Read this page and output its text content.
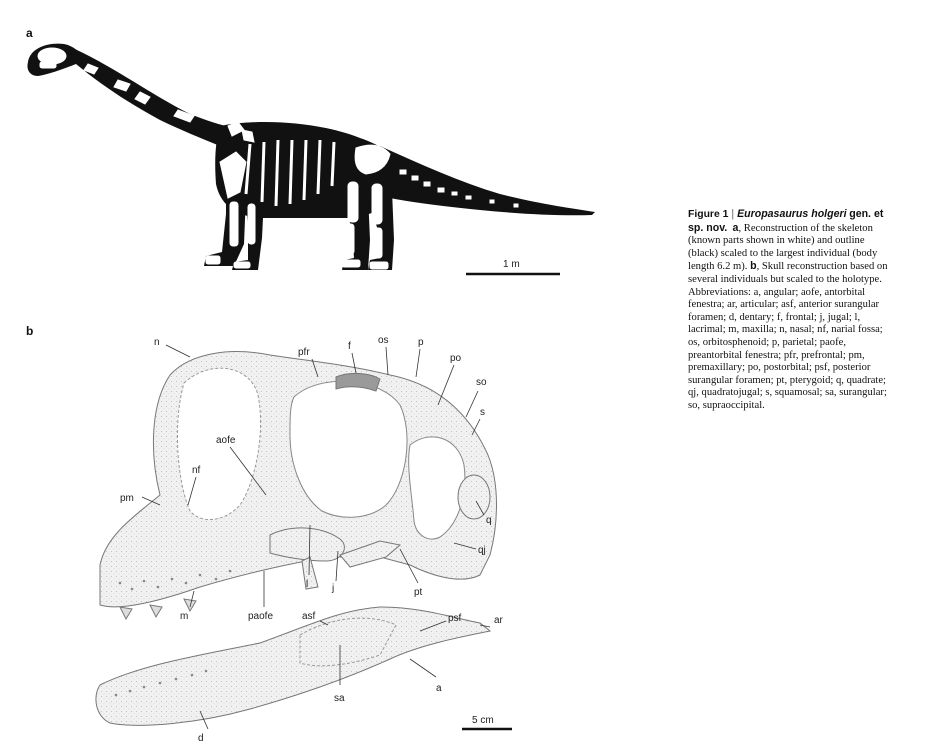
a
1 m
b
n
pfr
f
os	p
po
so
s
aofe
nf
pm
q
qj
l j	pt
m	paofe	asf	psf	ar
a
sa
d
5 cm
Figure 1 | Europasaurus holgeri gen. et sp. nov. a, Reconstruction of the skeleton (known parts shown in white) and outline (black) scaled to the largest individual (body length 6.2 m). b, Skull reconstruction based on several individuals but scaled to the holotype. Abbreviations: a, angular; aofe, antorbital fenestra; ar, articular; asf, anterior surangular foramen; d, dentary; f, frontal; j, jugal; l, lacrimal; m, maxilla; n, nasal; nf, narial fossa; os, orbitosphenoid; p, parietal; paofe, preantorbital fenestra; pfr, prefrontal; pm, premaxillary; po, postorbital; psf, posterior surangular foramen; pt, pterygoid; q, quadrate; qj, quadratojugal; s, squamosal; sa, surangular; so, supraoccipital.
